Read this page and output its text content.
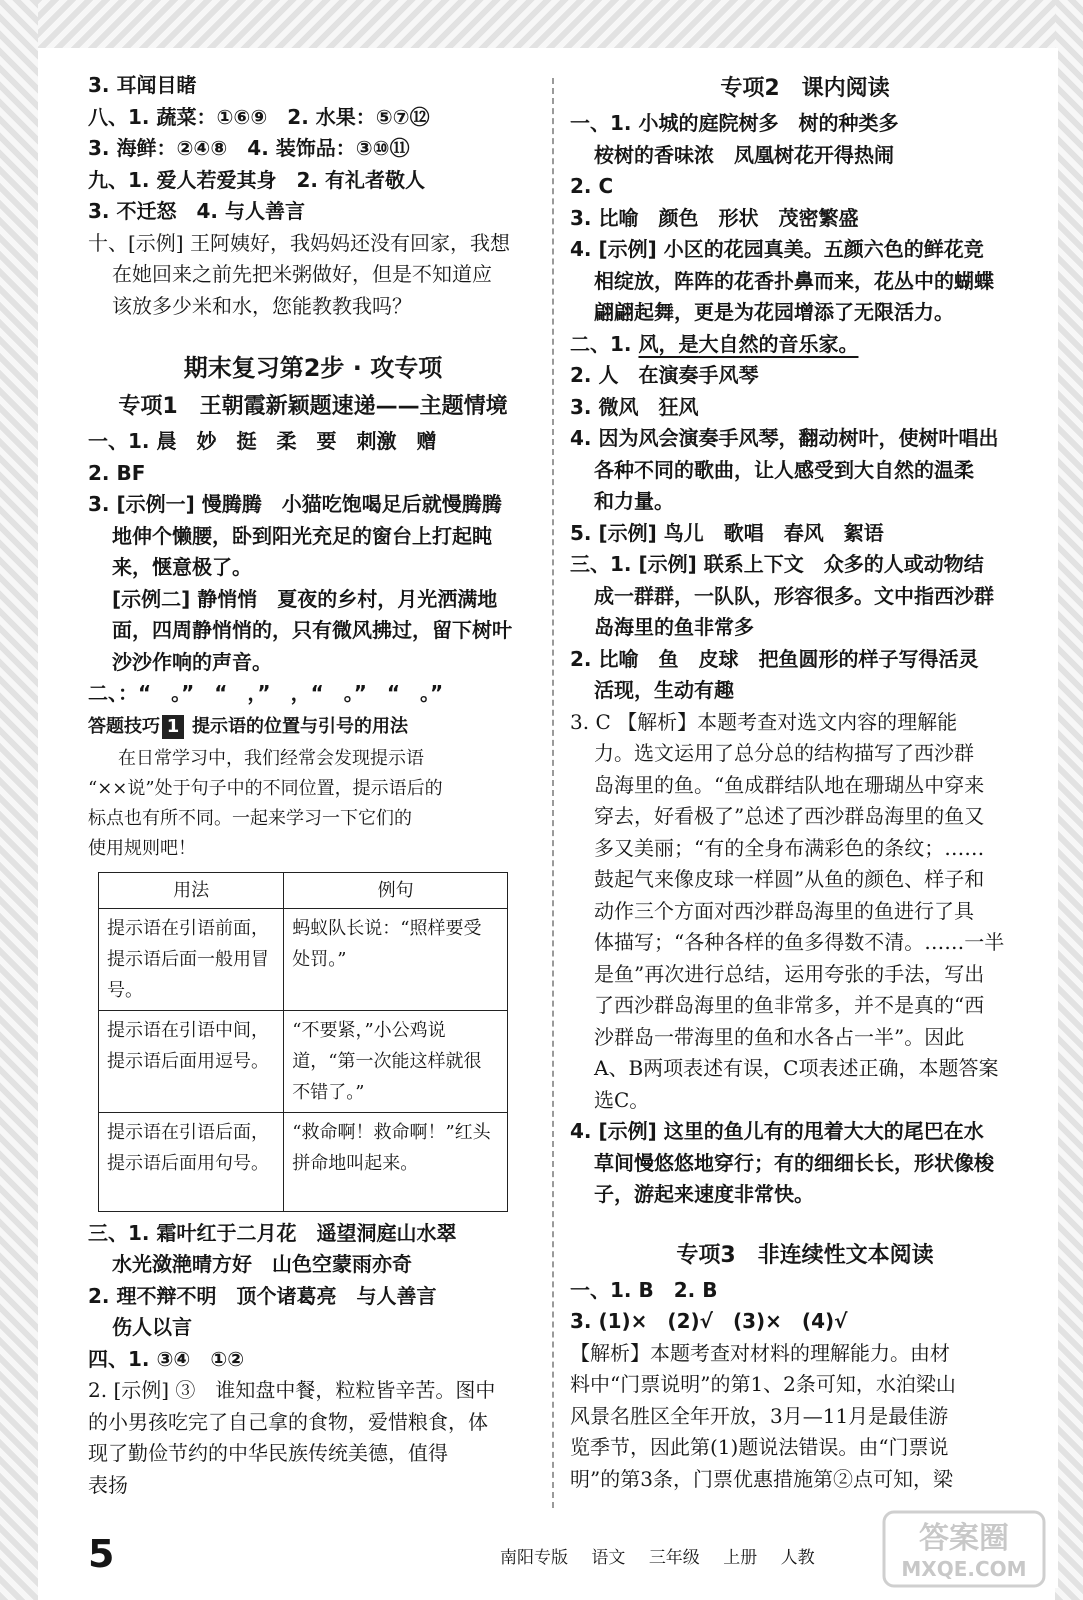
3. 耳闻目睹
八、1. 蔬菜：①⑥⑨　2. 水果：⑤⑦⑫
3. 海鲜：②④⑧　4. 装饰品：③⑩⑪
九、1. 爱人若爱其身　2. 有礼者敬人
3. 不迁怒　4. 与人善言
十、[示例] 王阿姨好，我妈妈还没有回家，我想
在她回来之前先把米粥做好，但是不知道应
该放多少米和水，您能教教我吗？
期末复习第2步 · 攻专项
专项1　王朝霞新颖题速递——主题情境
一、1. 晨　妙　挺　柔　要　刺激　赠
2. BF
3. [示例一] 慢腾腾　小猫吃饱喝足后就慢腾腾
地伸个懒腰，卧到阳光充足的窗台上打起盹
来，惬意极了。
[示例二] 静悄悄　夏夜的乡村，月光洒满地
面，四周静悄悄的，只有微风拂过，留下树叶
沙沙作响的声音。
二、：“　。”　“　，”　，“　。”　“　。”
答题技巧 1 提示语的位置与引号的用法
在日常学习中，我们经常会发现提示语
“××说”处于句子中的不同位置，提示语后的
标点也有所不同。一起来学习一下它们的
使用规则吧！
用法	例句
提示语在引语前面，提示语后面一般用冒号。	蚂蚁队长说：“照样要受处罚。”
提示语在引语中间，提示语后面用逗号。	“不要紧，”小公鸡说道，“第一次能这样就很不错了。”
提示语在引语后面，提示语后面用句号。	“救命啊！救命啊！”红头拼命地叫起来。
三、1. 霜叶红于二月花　遥望洞庭山水翠
水光潋滟晴方好　山色空蒙雨亦奇
2. 理不辩不明　顶个诸葛亮　与人善言
伤人以言
四、1. ③④　①②
2. [示例] ③　谁知盘中餐，粒粒皆辛苦。图中
的小男孩吃完了自己拿的食物，爱惜粮食，体
现了勤俭节约的中华民族传统美德，值得
表扬
专项2　课内阅读
一、1. 小城的庭院树多　树的种类多
桉树的香味浓　凤凰树花开得热闹
2. C
3. 比喻　颜色　形状　茂密繁盛
4. [示例] 小区的花园真美。五颜六色的鲜花竞
相绽放，阵阵的花香扑鼻而来，花丛中的蝴蝶
翩翩起舞，更是为花园增添了无限活力。
二、1. 风，是大自然的音乐家。
2. 人　在演奏手风琴
3. 微风　狂风
4. 因为风会演奏手风琴，翻动树叶，使树叶唱出
各种不同的歌曲，让人感受到大自然的温柔
和力量。
5. [示例] 鸟儿　歌唱　春风　絮语
三、1. [示例] 联系上下文　众多的人或动物结
成一群群，一队队，形容很多。文中指西沙群
岛海里的鱼非常多
2. 比喻　鱼　皮球　把鱼圆形的样子写得活灵
活现，生动有趣
3. C 【解析】本题考查对选文内容的理解能
力。选文运用了总分总的结构描写了西沙群
岛海里的鱼。“鱼成群结队地在珊瑚丛中穿来
穿去，好看极了”总述了西沙群岛海里的鱼又
多又美丽；“有的全身布满彩色的条纹；……
鼓起气来像皮球一样圆”从鱼的颜色、样子和
动作三个方面对西沙群岛海里的鱼进行了具
体描写；“各种各样的鱼多得数不清。……一半
是鱼”再次进行总结，运用夸张的手法，写出
了西沙群岛海里的鱼非常多，并不是真的“西
沙群岛一带海里的鱼和水各占一半”。因此
A、B两项表述有误，C项表述正确，本题答案
选C。
4. [示例] 这里的鱼儿有的甩着大大的尾巴在水
草间慢悠悠地穿行；有的细细长长，形状像梭
子，游起来速度非常快。
专项3　非连续性文本阅读
一、1. B　2. B
3. (1)×　(2)√　(3)×　(4)√
【解析】本题考查对材料的理解能力。由材
料中“门票说明”的第1、2条可知，水泊梁山
风景名胜区全年开放，3月—11月是最佳游
览季节，因此第(1)题说法错误。由“门票说
明”的第3条，门票优惠措施第②点可知，梁
5	南阳专版 语文 三年级 上册 人教
答案圈
MXQE.COM
